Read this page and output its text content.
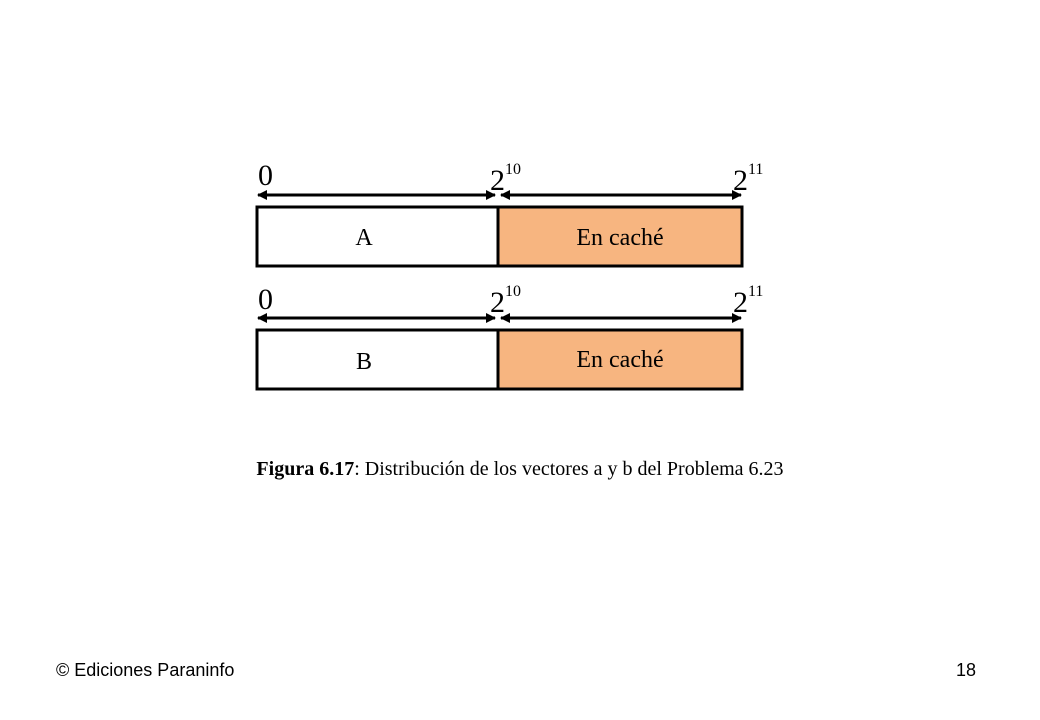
0	2 10	2 11
A	En caché
0	2 10	2 11
B	En caché
Figura 6.17: Distribución de los vectores a y b del Problema 6.23
© Ediciones Paraninfo	18
